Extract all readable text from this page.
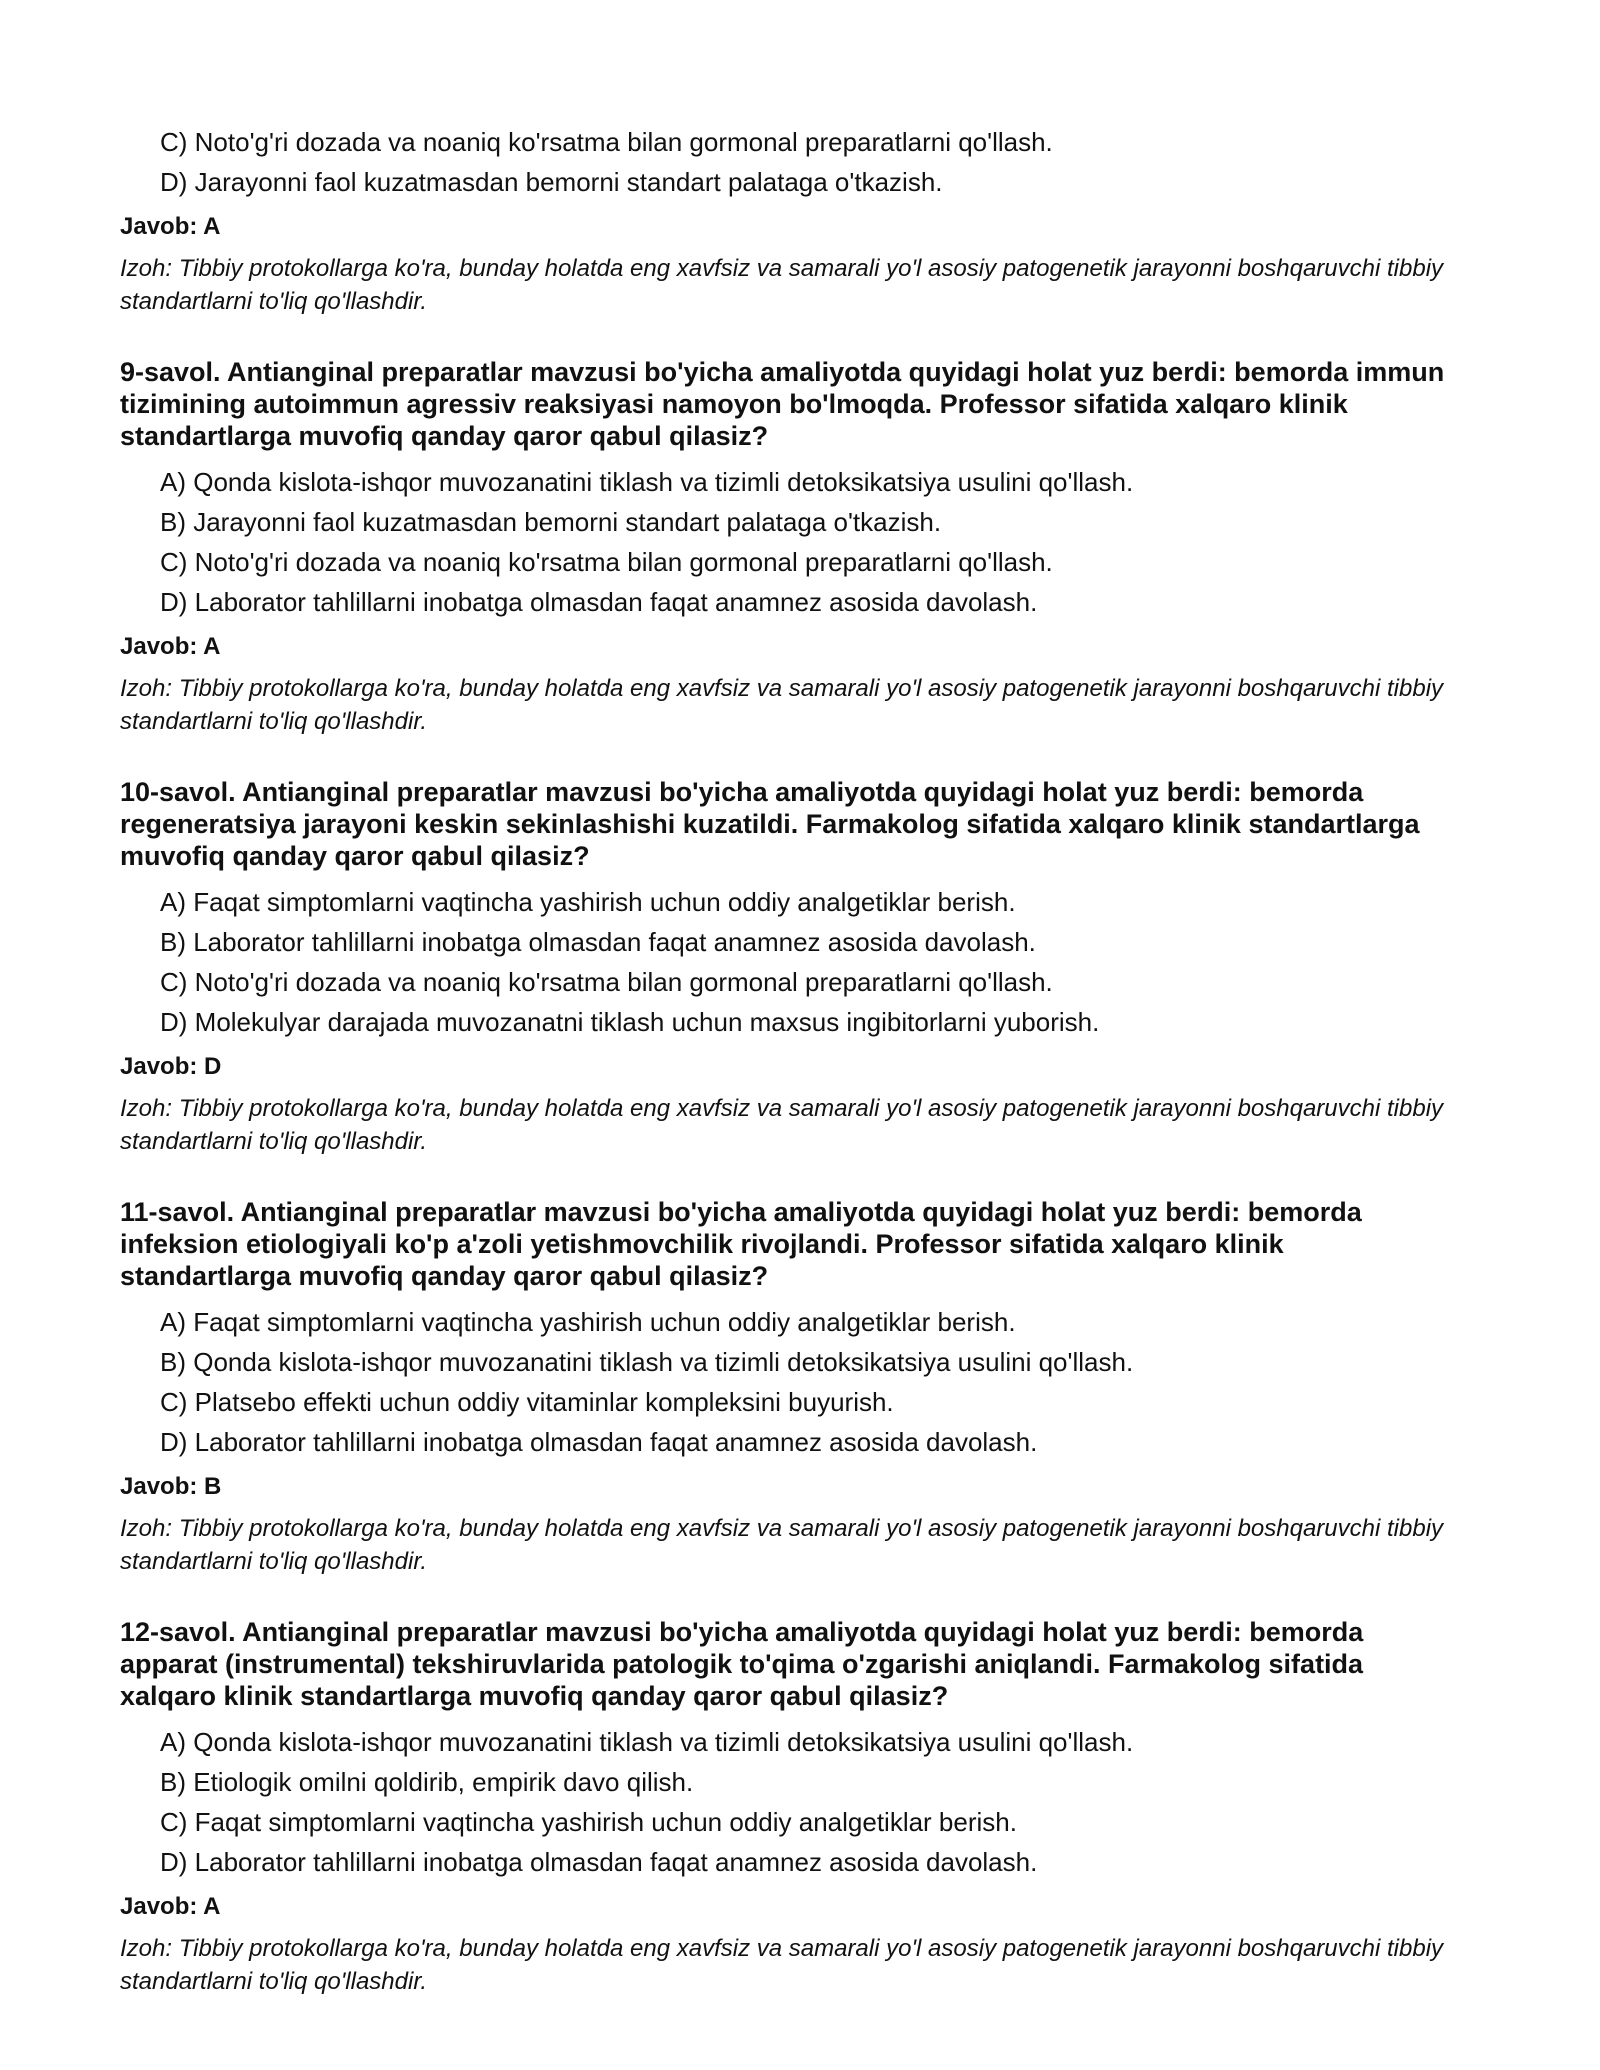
C) Noto'g'ri dozada va noaniq ko'rsatma bilan gormonal preparatlarni qo'llash.
D) Jarayonni faol kuzatmasdan bemorni standart palataga o'tkazish.
Javob: A
Izoh: Tibbiy protokollarga ko'ra, bunday holatda eng xavfsiz va samarali yo'l asosiy patogenetik jarayonni boshqaruvchi tibbiy standartlarni to'liq qo'llashdir.
9-savol. Antianginal preparatlar mavzusi bo'yicha amaliyotda quyidagi holat yuz berdi: bemorda immun tizimining autoimmun agressiv reaksiyasi namoyon bo'lmoqda. Professor sifatida xalqaro klinik standartlarga muvofiq qanday qaror qabul qilasiz?
A) Qonda kislota-ishqor muvozanatini tiklash va tizimli detoksikatsiya usulini qo'llash.
B) Jarayonni faol kuzatmasdan bemorni standart palataga o'tkazish.
C) Noto'g'ri dozada va noaniq ko'rsatma bilan gormonal preparatlarni qo'llash.
D) Laborator tahlillarni inobatga olmasdan faqat anamnez asosida davolash.
Javob: A
Izoh: Tibbiy protokollarga ko'ra, bunday holatda eng xavfsiz va samarali yo'l asosiy patogenetik jarayonni boshqaruvchi tibbiy standartlarni to'liq qo'llashdir.
10-savol. Antianginal preparatlar mavzusi bo'yicha amaliyotda quyidagi holat yuz berdi: bemorda regeneratsiya jarayoni keskin sekinlashishi kuzatildi. Farmakolog sifatida xalqaro klinik standartlarga muvofiq qanday qaror qabul qilasiz?
A) Faqat simptomlarni vaqtincha yashirish uchun oddiy analgetiklar berish.
B) Laborator tahlillarni inobatga olmasdan faqat anamnez asosida davolash.
C) Noto'g'ri dozada va noaniq ko'rsatma bilan gormonal preparatlarni qo'llash.
D) Molekulyar darajada muvozanatni tiklash uchun maxsus ingibitorlarni yuborish.
Javob: D
Izoh: Tibbiy protokollarga ko'ra, bunday holatda eng xavfsiz va samarali yo'l asosiy patogenetik jarayonni boshqaruvchi tibbiy standartlarni to'liq qo'llashdir.
11-savol. Antianginal preparatlar mavzusi bo'yicha amaliyotda quyidagi holat yuz berdi: bemorda infeksion etiologiyali ko'p a'zoli yetishmovchilik rivojlandi. Professor sifatida xalqaro klinik standartlarga muvofiq qanday qaror qabul qilasiz?
A) Faqat simptomlarni vaqtincha yashirish uchun oddiy analgetiklar berish.
B) Qonda kislota-ishqor muvozanatini tiklash va tizimli detoksikatsiya usulini qo'llash.
C) Platsebo effekti uchun oddiy vitaminlar kompleksini buyurish.
D) Laborator tahlillarni inobatga olmasdan faqat anamnez asosida davolash.
Javob: B
Izoh: Tibbiy protokollarga ko'ra, bunday holatda eng xavfsiz va samarali yo'l asosiy patogenetik jarayonni boshqaruvchi tibbiy standartlarni to'liq qo'llashdir.
12-savol. Antianginal preparatlar mavzusi bo'yicha amaliyotda quyidagi holat yuz berdi: bemorda apparat (instrumental) tekshiruvlarida patologik to'qima o'zgarishi aniqlandi. Farmakolog sifatida xalqaro klinik standartlarga muvofiq qanday qaror qabul qilasiz?
A) Qonda kislota-ishqor muvozanatini tiklash va tizimli detoksikatsiya usulini qo'llash.
B) Etiologik omilni qoldirib, empirik davo qilish.
C) Faqat simptomlarni vaqtincha yashirish uchun oddiy analgetiklar berish.
D) Laborator tahlillarni inobatga olmasdan faqat anamnez asosida davolash.
Javob: A
Izoh: Tibbiy protokollarga ko'ra, bunday holatda eng xavfsiz va samarali yo'l asosiy patogenetik jarayonni boshqaruvchi tibbiy standartlarni to'liq qo'llashdir.
